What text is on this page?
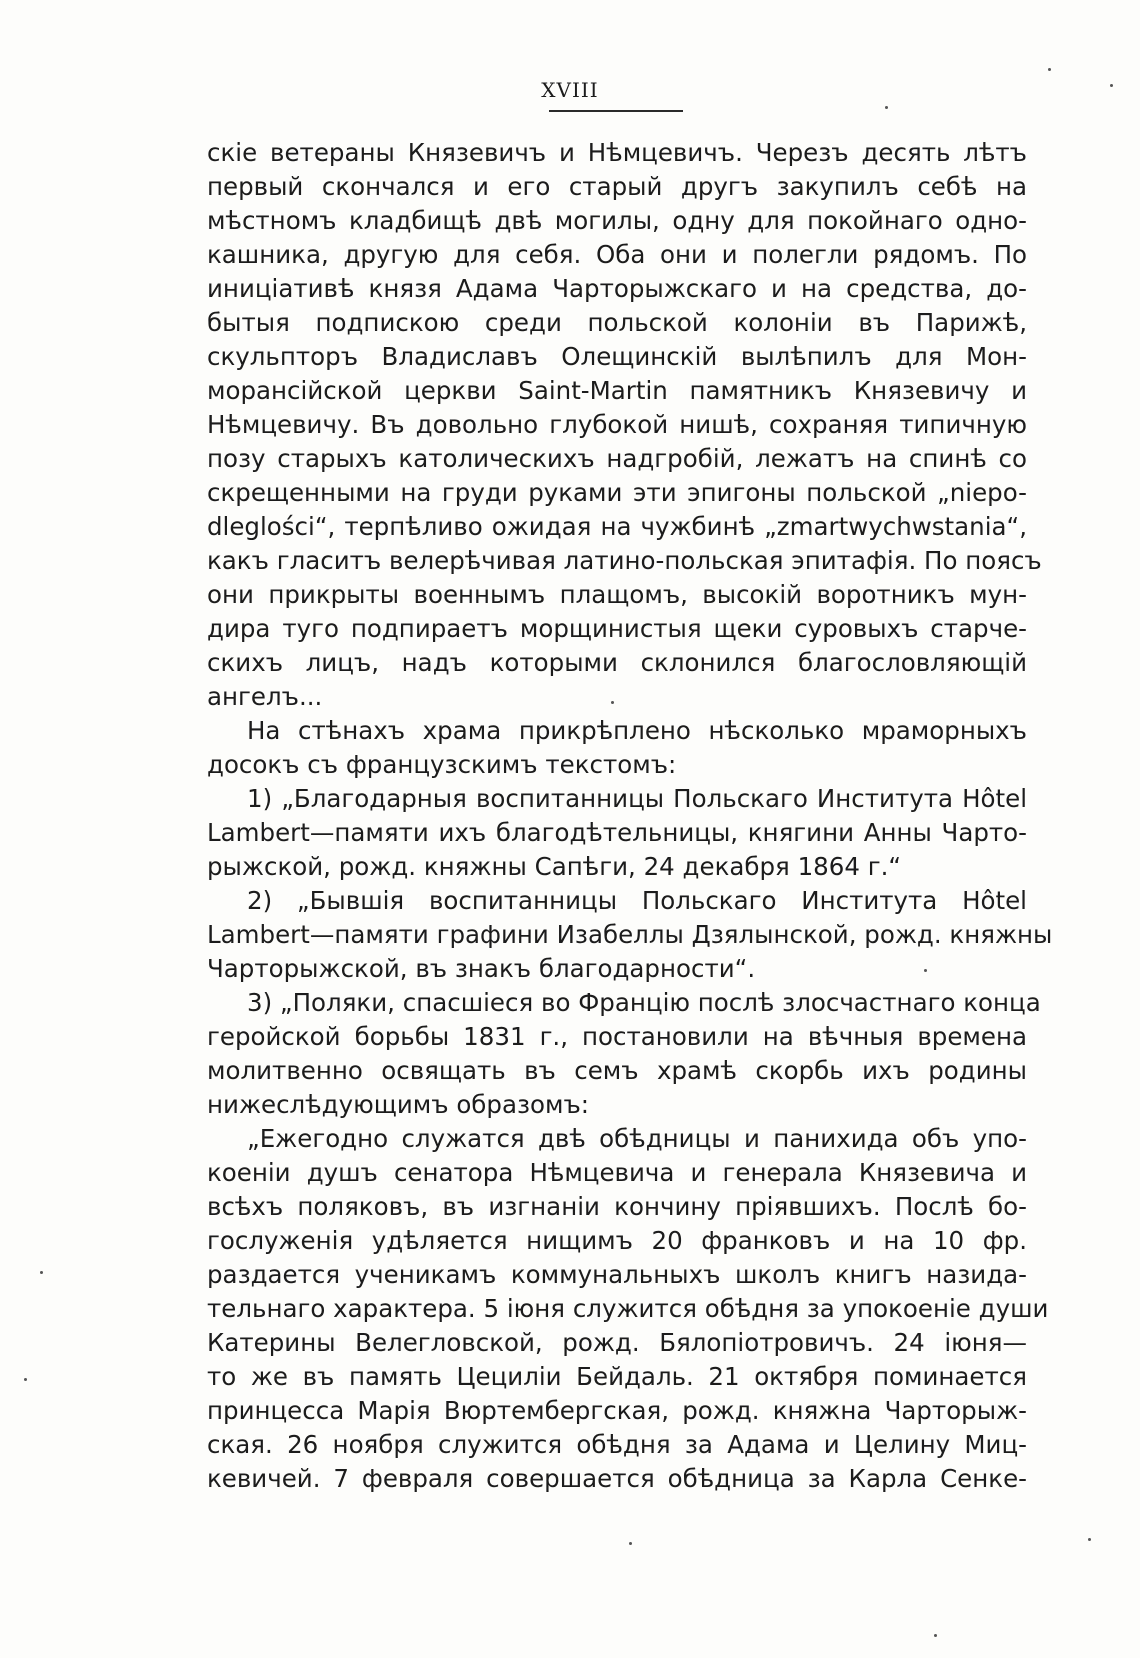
XVIII
скіе ветераны Князевичъ и Нѣмцевичъ. Черезъ десять лѣтъ
первый скончался и его старый другъ закупилъ себѣ на
мѣстномъ кладбищѣ двѣ могилы, одну для покойнаго одно-
кашника, другую для себя. Оба они и полегли рядомъ. По
иниціативѣ князя Адама Чарторыжскаго и на средства, до-
бытыя подпискою среди польской колоніи въ Парижѣ,
скульпторъ Владиславъ Олещинскій вылѣпилъ для Мон-
морансійской церкви Saint-Martin памятникъ Князевичу и
Нѣмцевичу. Въ довольно глубокой нишѣ, сохраняя типичную
позу старыхъ католическихъ надгробій, лежатъ на спинѣ со
скрещенными на груди руками эти эпигоны польской „niepo-
dleglości“, терпѣливо ожидая на чужбинѣ „zmartwychwstania“,
какъ гласитъ велерѣчивая латино-польская эпитафія. По поясъ
они прикрыты военнымъ плащомъ, высокій воротникъ мун-
дира туго подпираетъ морщинистыя щеки суровыхъ старче-
скихъ лицъ, надъ которыми склонился благословляющій
ангелъ...
На стѣнахъ храма прикрѣплено нѣсколько мраморныхъ
досокъ съ французскимъ текстомъ:
1) „Благодарныя воспитанницы Польскаго Института Hôtel
Lambert—памяти ихъ благодѣтельницы, княгини Анны Чарто-
рыжской, рожд. княжны Сапѣги, 24 декабря 1864 г.“
2) „Бывшія воспитанницы Польскаго Института Hôtel
Lambert—памяти графини Изабеллы Дзялынской, рожд. княжны
Чарторыжской, въ знакъ благодарности“.
3) „Поляки, спасшіеся во Францію послѣ злосчастнаго конца
геройской борьбы 1831 г., постановили на вѣчныя времена
молитвенно освящать въ семъ храмѣ скорбь ихъ родины
нижеслѣдующимъ образомъ:
„Ежегодно служатся двѣ обѣдницы и панихида объ упо-
коеніи душъ сенатора Нѣмцевича и генерала Князевича и
всѣхъ поляковъ, въ изгнаніи кончину пріявшихъ. Послѣ бо-
гослуженія удѣляется нищимъ 20 франковъ и на 10 фр.
раздается ученикамъ коммунальныхъ школъ книгъ назида-
тельнаго характера. 5 іюня служится обѣдня за упокоеніе души
Катерины Велегловской, рожд. Бялопіотровичъ. 24 іюня—
то же въ память Цециліи Бейдаль. 21 октября поминается
принцесса Марія Вюртембергская, рожд. княжна Чарторыж-
ская. 26 ноября служится обѣдня за Адама и Целину Миц-
кевичей. 7 февраля совершается обѣдница за Карла Сенке-
